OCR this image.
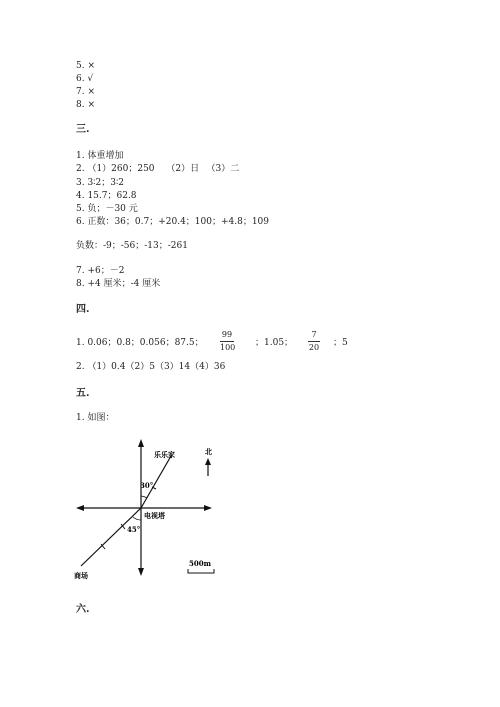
5. ×
6. √
7. ×
8. ×
三.
1. 体重增加
2. （1）260；250　 （2）日 　（3）二
3. 3∶2；3∶2
4. 15.7；62.8
5. 负；－30 元
6. 正数：36；0.7；+20.4；100；+4.8；109
负数：-9；-56；-13；-261
7. +6；－2
8. +4 厘米；-4 厘米
四.
1. 0.06；0.8；0.056；87.5；
99
100 ；1.05；
7
20 ；5
2. （1）0.4（2）5（3）14（4）36
五.
1. 如图：
30°
45°
乐乐家
电视塔
商场
北
500m
六.
